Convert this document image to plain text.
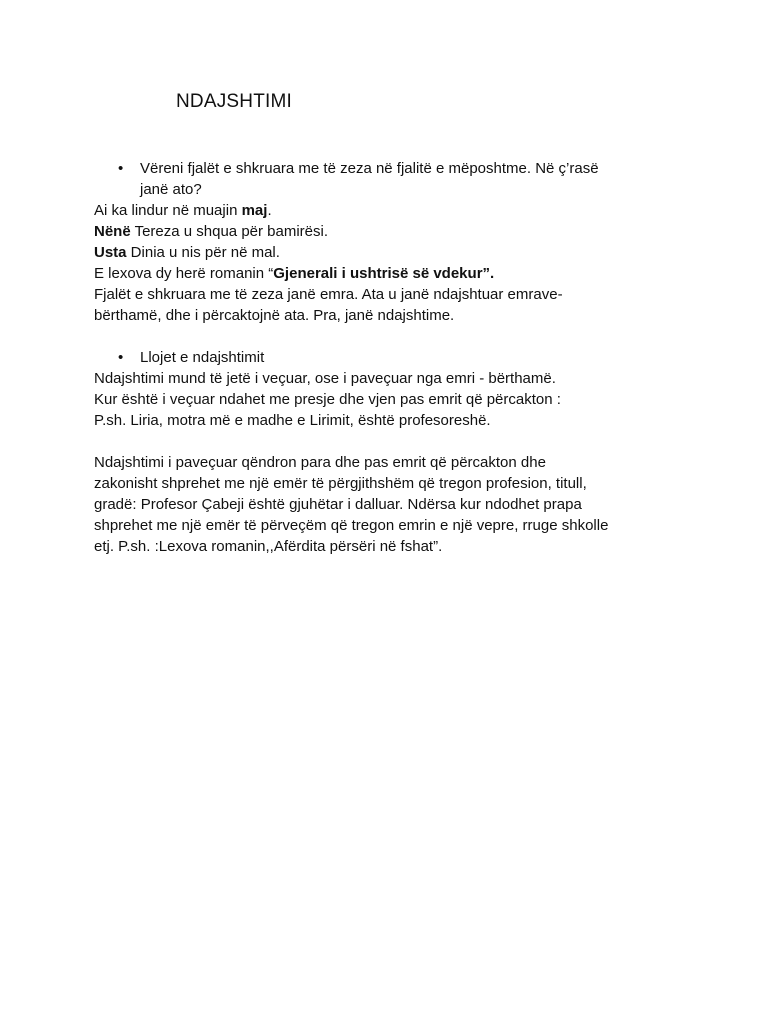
NDAJSHTIMI
• Vëreni fjalët e shkruara me të zeza në fjalitë e mëposhtme. Në ç’rasë
janë ato?
Ai ka lindur në muajin maj.
Nënë Tereza u shqua për bamirësi.
Usta Dinia u nis për në mal.
E lexova dy herë romanin “Gjenerali i ushtrisë së vdekur”.
Fjalët e shkruara me të zeza janë emra. Ata u janë ndajshtuar emrave-
bërthamë, dhe i përcaktojnë ata. Pra, janë ndajshtime.
• Llojet e ndajshtimit
Ndajshtimi mund të jetë i veçuar, ose i paveçuar nga emri - bërthamë.
Kur është i veçuar ndahet me presje dhe vjen pas emrit që përcakton :
P.sh. Liria, motra më e madhe e Lirimit, është profesoreshë.
Ndajshtimi i paveçuar qëndron para dhe pas emrit që përcakton dhe
zakonisht shprehet me një emër të përgjithshëm që tregon profesion, titull,
gradë: Profesor Çabeji është gjuhëtar i dalluar. Ndërsa kur ndodhet prapa
shprehet me një emër të përveçëm që tregon emrin e një vepre, rruge shkolle
etj. P.sh. :Lexova romanin,,Afërdita përsëri në fshat”.
